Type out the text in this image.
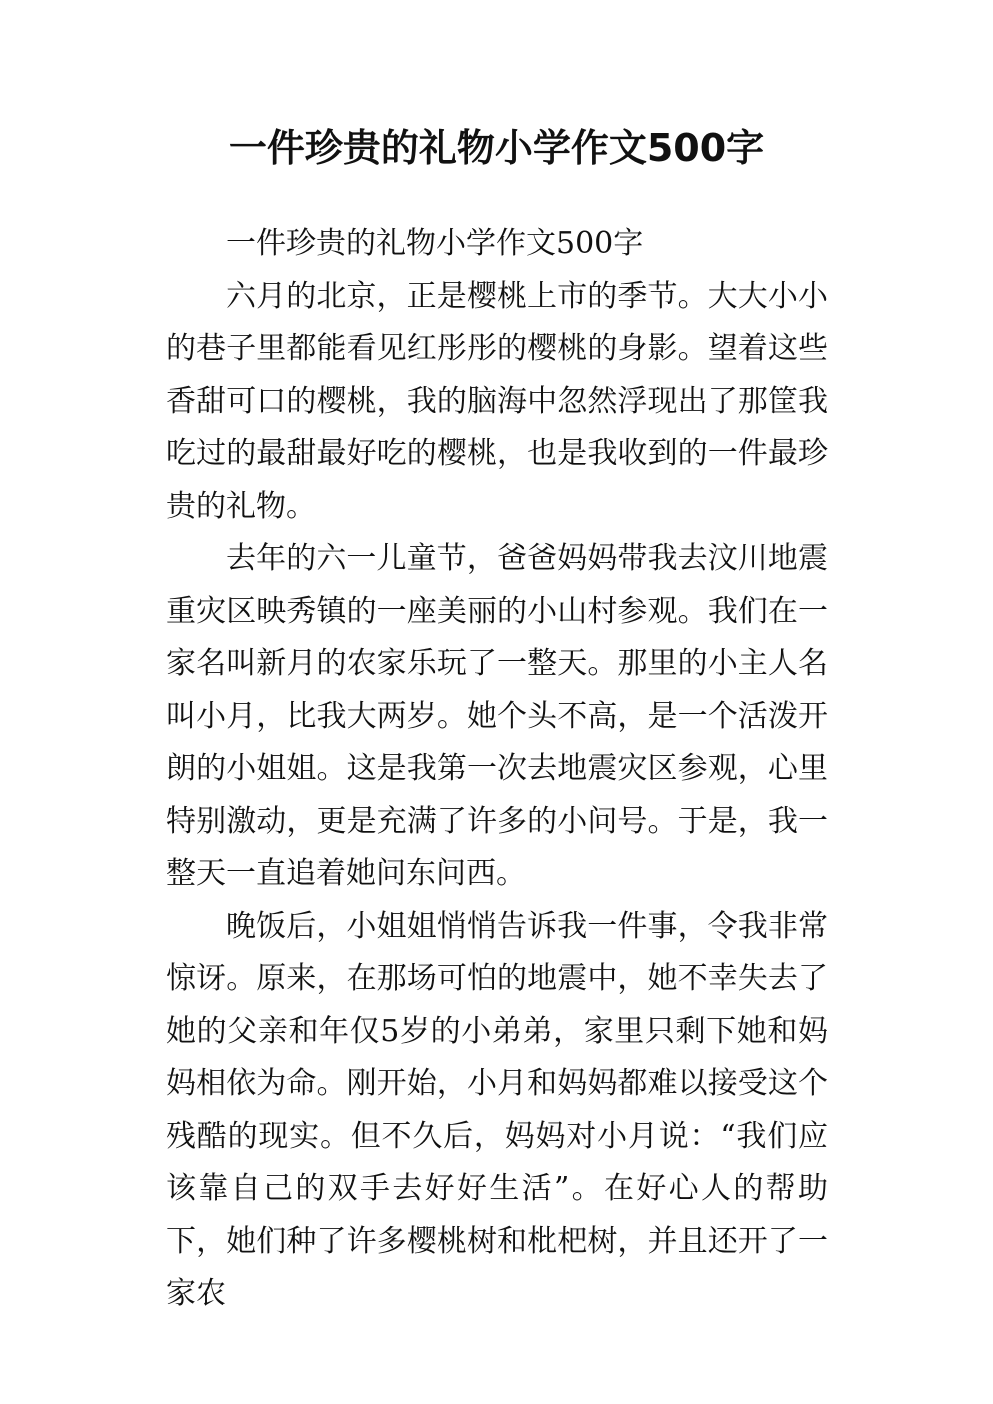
一件珍贵的礼物小学作文500字

一件珍贵的礼物小学作文500字

六月的北京，正是樱桃上市的季节。大大小小的巷子里都能看见红彤彤的樱桃的身影。望着这些香甜可口的樱桃，我的脑海中忽然浮现出了那筐我吃过的最甜最好吃的樱桃，也是我收到的一件最珍贵的礼物。

去年的六一儿童节，爸爸妈妈带我去汶川地震重灾区映秀镇的一座美丽的小山村参观。我们在一家名叫新月的农家乐玩了一整天。那里的小主人名叫小月，比我大两岁。她个头不高，是一个活泼开朗的小姐姐。这是我第一次去地震灾区参观，心里特别激动，更是充满了许多的小问号。于是，我一整天一直追着她问东问西。

晚饭后，小姐姐悄悄告诉我一件事，令我非常惊讶。原来，在那场可怕的地震中，她不幸失去了她的父亲和年仅5岁的小弟弟，家里只剩下她和妈妈相依为命。刚开始，小月和妈妈都难以接受这个残酷的现实。但不久后，妈妈对小月说：“我们应该靠自己的双手去好好生活”。在好心人的帮助下，她们种了许多樱桃树和枇杷树，并且还开了一家农
